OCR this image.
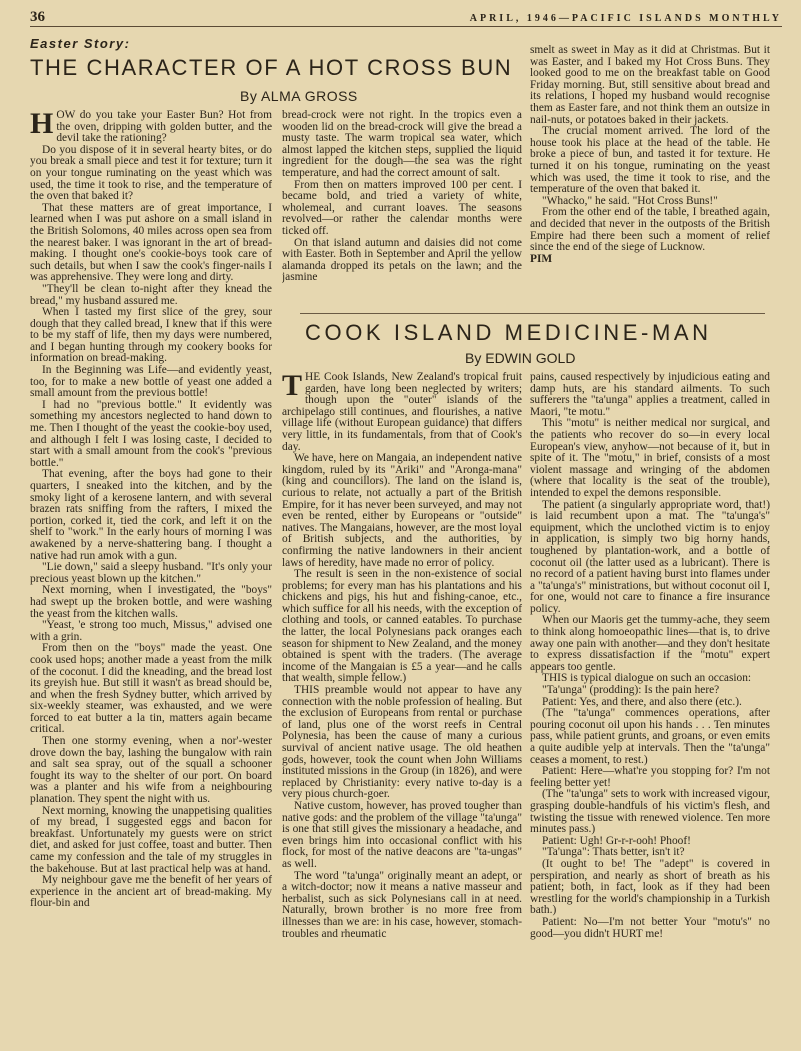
36	APRIL, 1946—PACIFIC ISLANDS MONTHLY
Easter Story:
THE CHARACTER OF A HOT CROSS BUN
By ALMA GROSS
H OW do you take your Easter Bun? Hot from the oven, dripping with golden butter, and the devil take the rationing?

Do you dispose of it in several hearty bites, or do you break a small piece and test it for texture; turn it on your tongue ruminating on the yeast which was used, the time it took to rise, and the temperature of the oven that baked it?

That these matters are of great importance, I learned when I was put ashore on a small island in the British Solomons, 40 miles across open sea from the nearest baker. I was ignorant in the art of bread-making. I thought one's cookie-boys took care of such details, but when I saw the cook's finger-nails I was apprehensive. They were long and dirty.

"They'll be clean to-night after they knead the bread," my husband assured me.

When I tasted my first slice of the grey, sour dough that they called bread, I knew that if this were to be my staff of life, then my days were numbered, and I began hunting through my cookery books for information on bread-making.

In the Beginning was Life—and evidently yeast, too, for to make a new bottle of yeast one added a small amount from the previous bottle!

I had no "previous bottle." It evidently was something my ancestors neglected to hand down to me. Then I thought of the yeast the cookie-boy used, and although I felt I was losing caste, I decided to start with a small amount from the cook's "previous bottle."

That evening, after the boys had gone to their quarters, I sneaked into the kitchen, and by the smoky light of a kerosene lantern, and with several brazen rats sniffing from the rafters, I mixed the portion, corked it, tied the cork, and left it on the shelf to "work." In the early hours of morning I was awakened by a nerve-shattering bang. I thought a native had run amok with a gun.

"Lie down," said a sleepy husband. "It's only your precious yeast blown up the kitchen."

Next morning, when I investigated, the "boys" had swept up the broken bottle, and were washing the yeast from the kitchen walls.

"Yeast, 'e strong too much, Missus," advised one with a grin.

From then on the "boys" made the yeast. One cook used hops; another made a yeast from the milk of the coconut. I did the kneading, and the bread lost its greyish hue. But still it wasn't as bread should be, and when the fresh Sydney butter, which arrived by six-weekly steamer, was exhausted, and we were forced to eat butter a la tin, matters again became critical.

Then one stormy evening, when a nor'-wester drove down the bay, lashing the bungalow with rain and salt sea spray, out of the squall a schooner fought its way to the shelter of our port. On board was a planter and his wife from a neighbouring planation. They spent the night with us.

Next morning, knowing the unappetising qualities of my bread, I suggested eggs and bacon for breakfast. Unfortunately my guests were on strict diet, and asked for just coffee, toast and butter. Then came my confession and the tale of my struggles in the bakehouse. But at last practical help was at hand.

My neighbour gave me the benefit of her years of experience in the ancient art of bread-making. My flour-bin and

bread-crock were not right. In the tropics even a wooden lid on the bread-crock will give the bread a musty taste. The warm tropical sea water, which almost lapped the kitchen steps, supplied the liquid ingredient for the dough—the sea was the right temperature, and had the correct amount of salt.

From then on matters improved 100 per cent. I became bold, and tried a variety of white, wholemeal, and currant loaves. The seasons revolved—or rather the calendar months were ticked off.

On that island autumn and daisies did not come with Easter. Both in September and April the yellow alamanda dropped its petals on the lawn; and the jasmine

smelt as sweet in May as it did at Christmas. But it was Easter, and I baked my Hot Cross Buns. They looked good to me on the breakfast table on Good Friday morning. But, still sensitive about bread and its relations, I hoped my husband would recognise them as Easter fare, and not think them an outsize in nail-nuts, or potatoes baked in their jackets.

The crucial moment arrived. The lord of the house took his place at the head of the table. He broke a piece of bun, and tasted it for texture. He turned it on his tongue, ruminating on the yeast which was used, the time it took to rise, and the temperature of the oven that baked it.

"Whacko," he said. "Hot Cross Buns!"

From the other end of the table, I breathed again, and decided that never in the outposts of the British Empire had there been such a moment of relief since the end of the siege of Lucknow.

PIM

COOK ISLAND MEDICINE-MAN
By EDWIN GOLD
T HE Cook Islands, New Zealand's tropical fruit garden, have long been neglected by writers; though upon the "outer" islands of the archipelago still continues, and flourishes, a native village life (without European guidance) that differs very little, in its fundamentals, from that of Cook's day.

We have, here on Mangaia, an independent native kingdom, ruled by its "Ariki" and "Aronga-mana" (king and councillors). The land on the island is, curious to relate, not actually a part of the British Empire, for it has never been surveyed, and may not even be rented, either by Europeans or "outside" natives. The Mangaians, however, are the most loyal of British subjects, and the authorities, by confirming the native landowners in their ancient laws of heredity, have made no error of policy.

The result is seen in the non-existence of social problems; for every man has his plantations and his chickens and pigs, his hut and fishing-canoe, etc., which suffice for all his needs, with the exception of clothing and tools, or canned eatables. To purchase the latter, the local Polynesians pack oranges each season for shipment to New Zealand, and the money obtained is spent with the traders. (The average income of the Mangaian is £5 a year—and he calls that wealth, simple fellow.)

THIS preamble would not appear to have any connection with the noble profession of healing. But the exclusion of Europeans from rental or purchase of land, plus one of the worst reefs in Central Polynesia, has been the cause of many a curious survival of ancient native usage. The old heathen gods, however, took the count when John Williams instituted missions in the Group (in 1826), and were replaced by Christianity: every native to-day is a very pious church-goer.

Native custom, however, has proved tougher than native gods: and the problem of the village "ta'unga" is one that still gives the missionary a headache, and even brings him into occasional conflict with his flock, for most of the native deacons are "ta-ungas" as well.

The word "ta'unga" originally meant an adept, or a witch-doctor; now it means a native masseur and herbalist, such as sick Polynesians call in at need. Naturally, brown brother is no more free from illnesses than we are: in his case, however, stomach-troubles and rheumatic

pains, caused respectively by injudicious eating and damp huts, are his standard ailments. To such sufferers the "ta'unga" applies a treatment, called in Maori, "te motu."

This "motu" is neither medical nor surgical, and the patients who recover do so—in every local European's view, anyhow—not because of it, but in spite of it. The "motu," in brief, consists of a most violent massage and wringing of the abdomen (where that locality is the seat of the trouble), intended to expel the demons responsible.

The patient (a singularly appropriate word, that!) is laid recumbent upon a mat. The "ta'unga's" equipment, which the unclothed victim is to enjoy in application, is simply two big horny hands, toughened by plantation-work, and a bottle of coconut oil (the latter used as a lubricant). There is no record of a patient having burst into flames under a "ta'unga's" ministrations, but without coconut oil I, for one, would not care to finance a fire insurance policy.

When our Maoris get the tummy-ache, they seem to think along homoeopathic lines—that is, to drive away one pain with another—and they don't hesitate to express dissatisfaction if the "motu" expert appears too gentle.

THIS is typical dialogue on such an occasion:

"Ta'unga" (prodding): Is the pain here?

Patient: Yes, and there, and also there (etc.).

(The "ta'unga" commences operations, after pouring coconut oil upon his hands . . . Ten minutes pass, while patient grunts, and groans, or even emits a quite audible yelp at intervals. Then the "ta'unga" ceases a moment, to rest.)

Patient: Here—what're you stopping for? I'm not feeling better yet!

(The "ta'unga" sets to work with increased vigour, grasping double-handfuls of his victim's flesh, and twisting the tissue with renewed violence. Ten more minutes pass.)

Patient: Ugh! Gr-r-r-ooh! Phoof!

"Ta'unga": Thats better, isn't it?

(It ought to be! The "adept" is covered in perspiration, and nearly as short of breath as his patient; both, in fact, look as if they had been wrestling for the world's championship in a Turkish bath.)

Patient: No—I'm not better Your "motu's" no good—you didn't HURT me!
